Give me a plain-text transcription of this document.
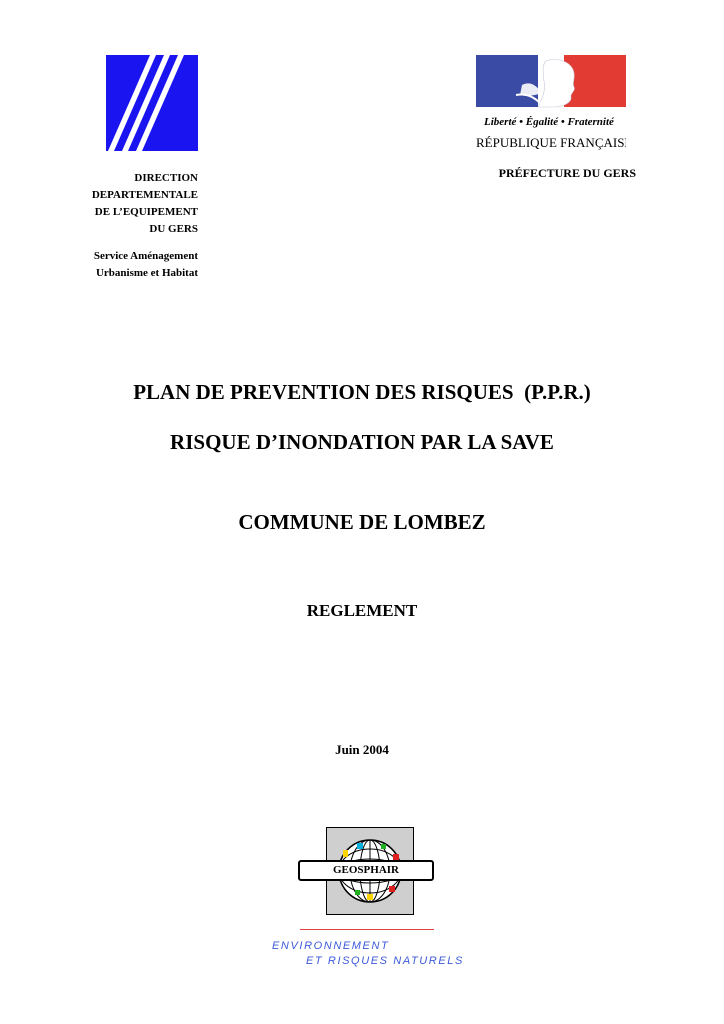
DIRECTION
DEPARTEMENTALE
DE L’EQUIPEMENT
DU GERS
Service Aménagement
Urbanisme et Habitat
Liberté • Égalité • Fraternité
RÉPUBLIQUE FRANÇAISE
PRÉFECTURE DU GERS
PLAN DE PREVENTION DES RISQUES  (P.P.R.)
RISQUE D’INONDATION PAR LA SAVE
COMMUNE DE LOMBEZ
REGLEMENT
Juin 2004
GEOSPHAIR
ENVIRONNEMENT
ET RISQUES NATURELS
